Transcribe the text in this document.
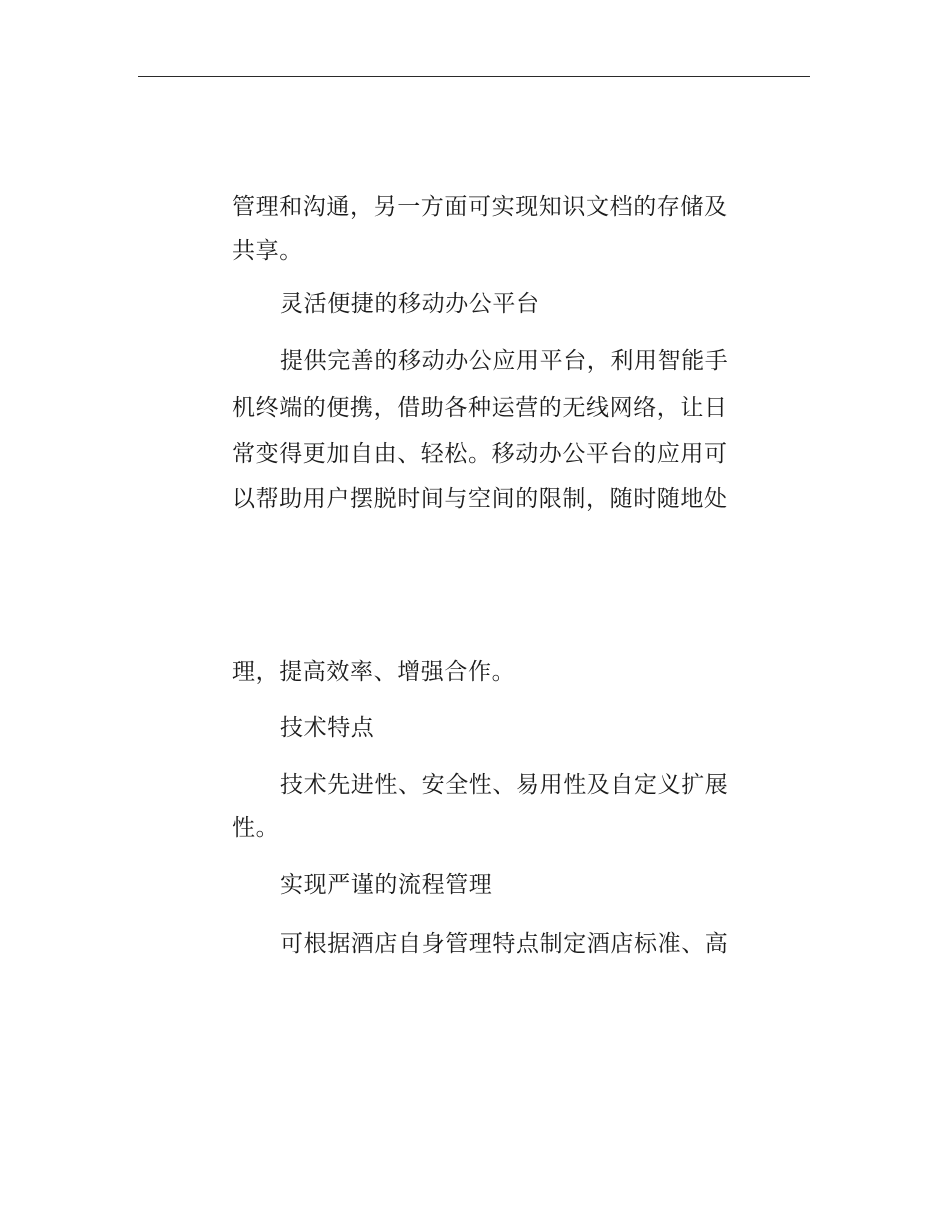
管理和沟通，另一方面可实现知识文档的存储及
共享。
灵活便捷的移动办公平台
提供完善的移动办公应用平台，利用智能手
机终端的便携，借助各种运营的无线网络，让日
常变得更加自由、轻松。移动办公平台的应用可
以帮助用户摆脱时间与空间的限制，随时随地处
理，提高效率、增强合作。
技术特点
技术先进性、安全性、易用性及自定义扩展
性。
实现严谨的流程管理
可根据酒店自身管理特点制定酒店标准、高
